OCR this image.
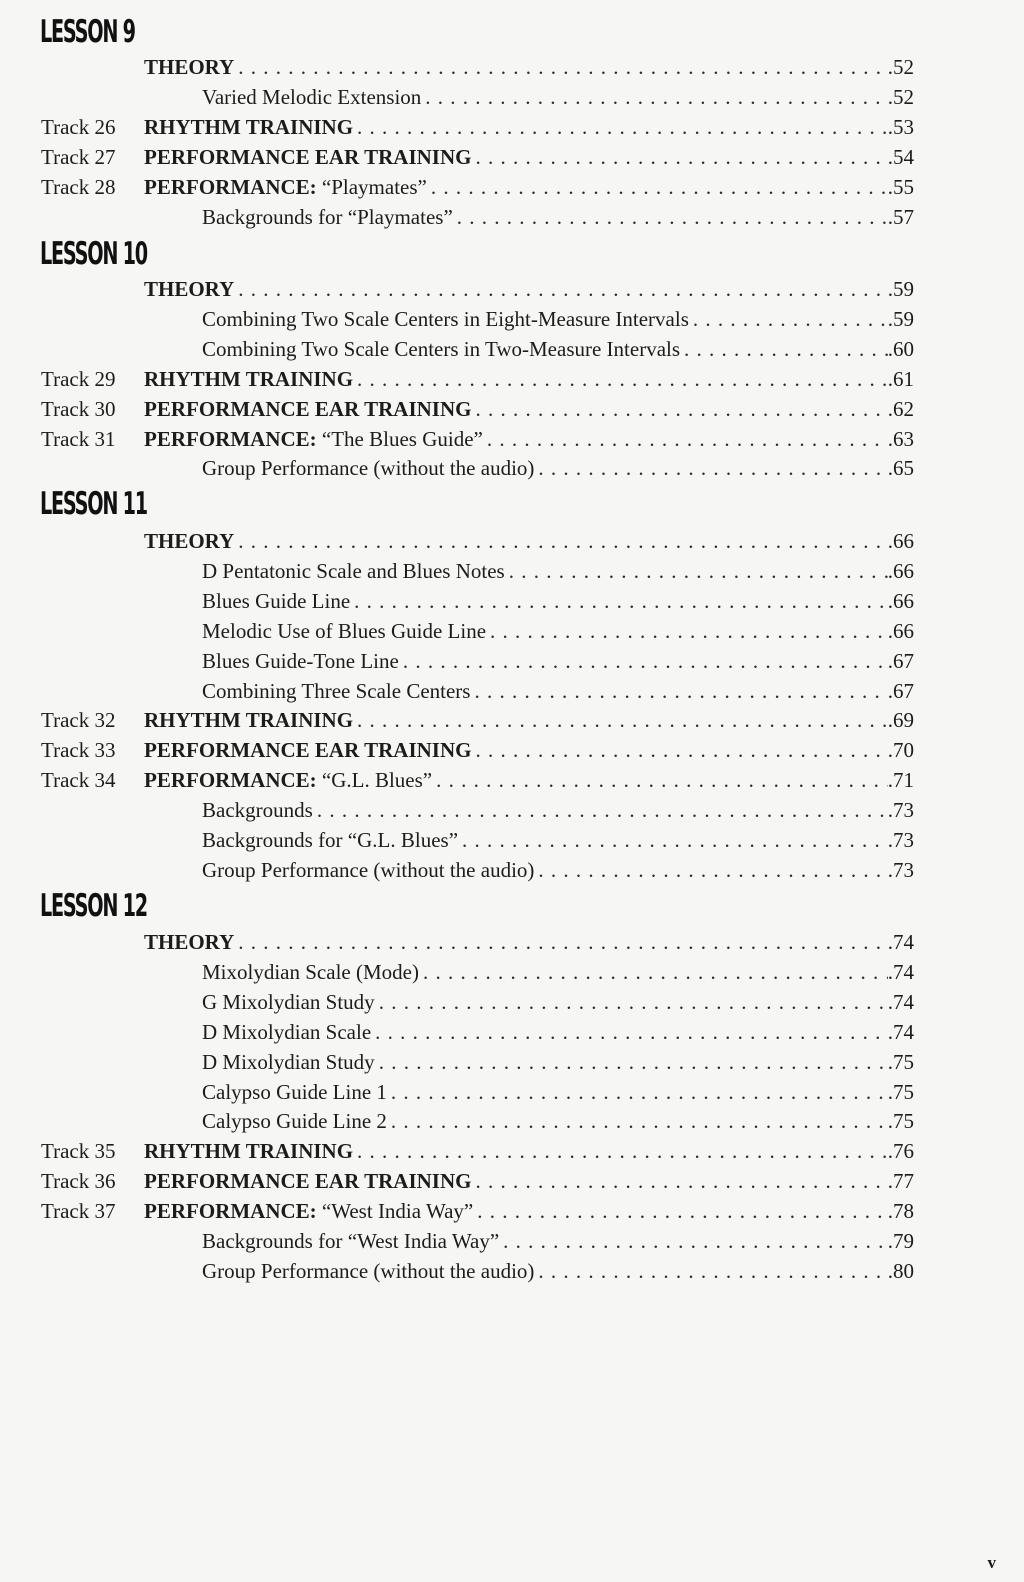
LESSON 9
THEORY . . .	.52
Varied Melodic Extension . . .	.52
Track 26 RHYTHM TRAINING . . .	.53
Track 27 PERFORMANCE EAR TRAINING . . .	.54
Track 28 PERFORMANCE: “Playmates” . . .	.55
Backgrounds for “Playmates” . . .	.57
LESSON 10
THEORY . . .	.59
Combining Two Scale Centers in Eight-Measure Intervals . . .	.59
Combining Two Scale Centers in Two-Measure Intervals . . .	.60
Track 29 RHYTHM TRAINING . . .	.61
Track 30 PERFORMANCE EAR TRAINING . . .	.62
Track 31 PERFORMANCE: “The Blues Guide” . . .	.63
Group Performance (without the audio) . . .	.65
LESSON 11
THEORY . . .	.66
D Pentatonic Scale and Blues Notes . . .	.66
Blues Guide Line . . .	.66
Melodic Use of Blues Guide Line . . .	.66
Blues Guide-Tone Line . . .	.67
Combining Three Scale Centers . . .	.67
Track 32 RHYTHM TRAINING . . .	.69
Track 33 PERFORMANCE EAR TRAINING . . .	.70
Track 34 PERFORMANCE: “G.L. Blues” . . .	.71
Backgrounds . . .	.73
Backgrounds for “G.L. Blues” . . .	.73
Group Performance (without the audio) . . .	.73
LESSON 12
THEORY . . .	.74
Mixolydian Scale (Mode) . . .	.74
G Mixolydian Study . . .	.74
D Mixolydian Scale . . .	.74
D Mixolydian Study . . .	.75
Calypso Guide Line 1 . . .	.75
Calypso Guide Line 2 . . .	.75
Track 35 RHYTHM TRAINING . . .	.76
Track 36 PERFORMANCE EAR TRAINING . . .	.77
Track 37 PERFORMANCE: “West India Way” . . .	.78
Backgrounds for “West India Way” . . .	.79
Group Performance (without the audio) . . .	.80
v
